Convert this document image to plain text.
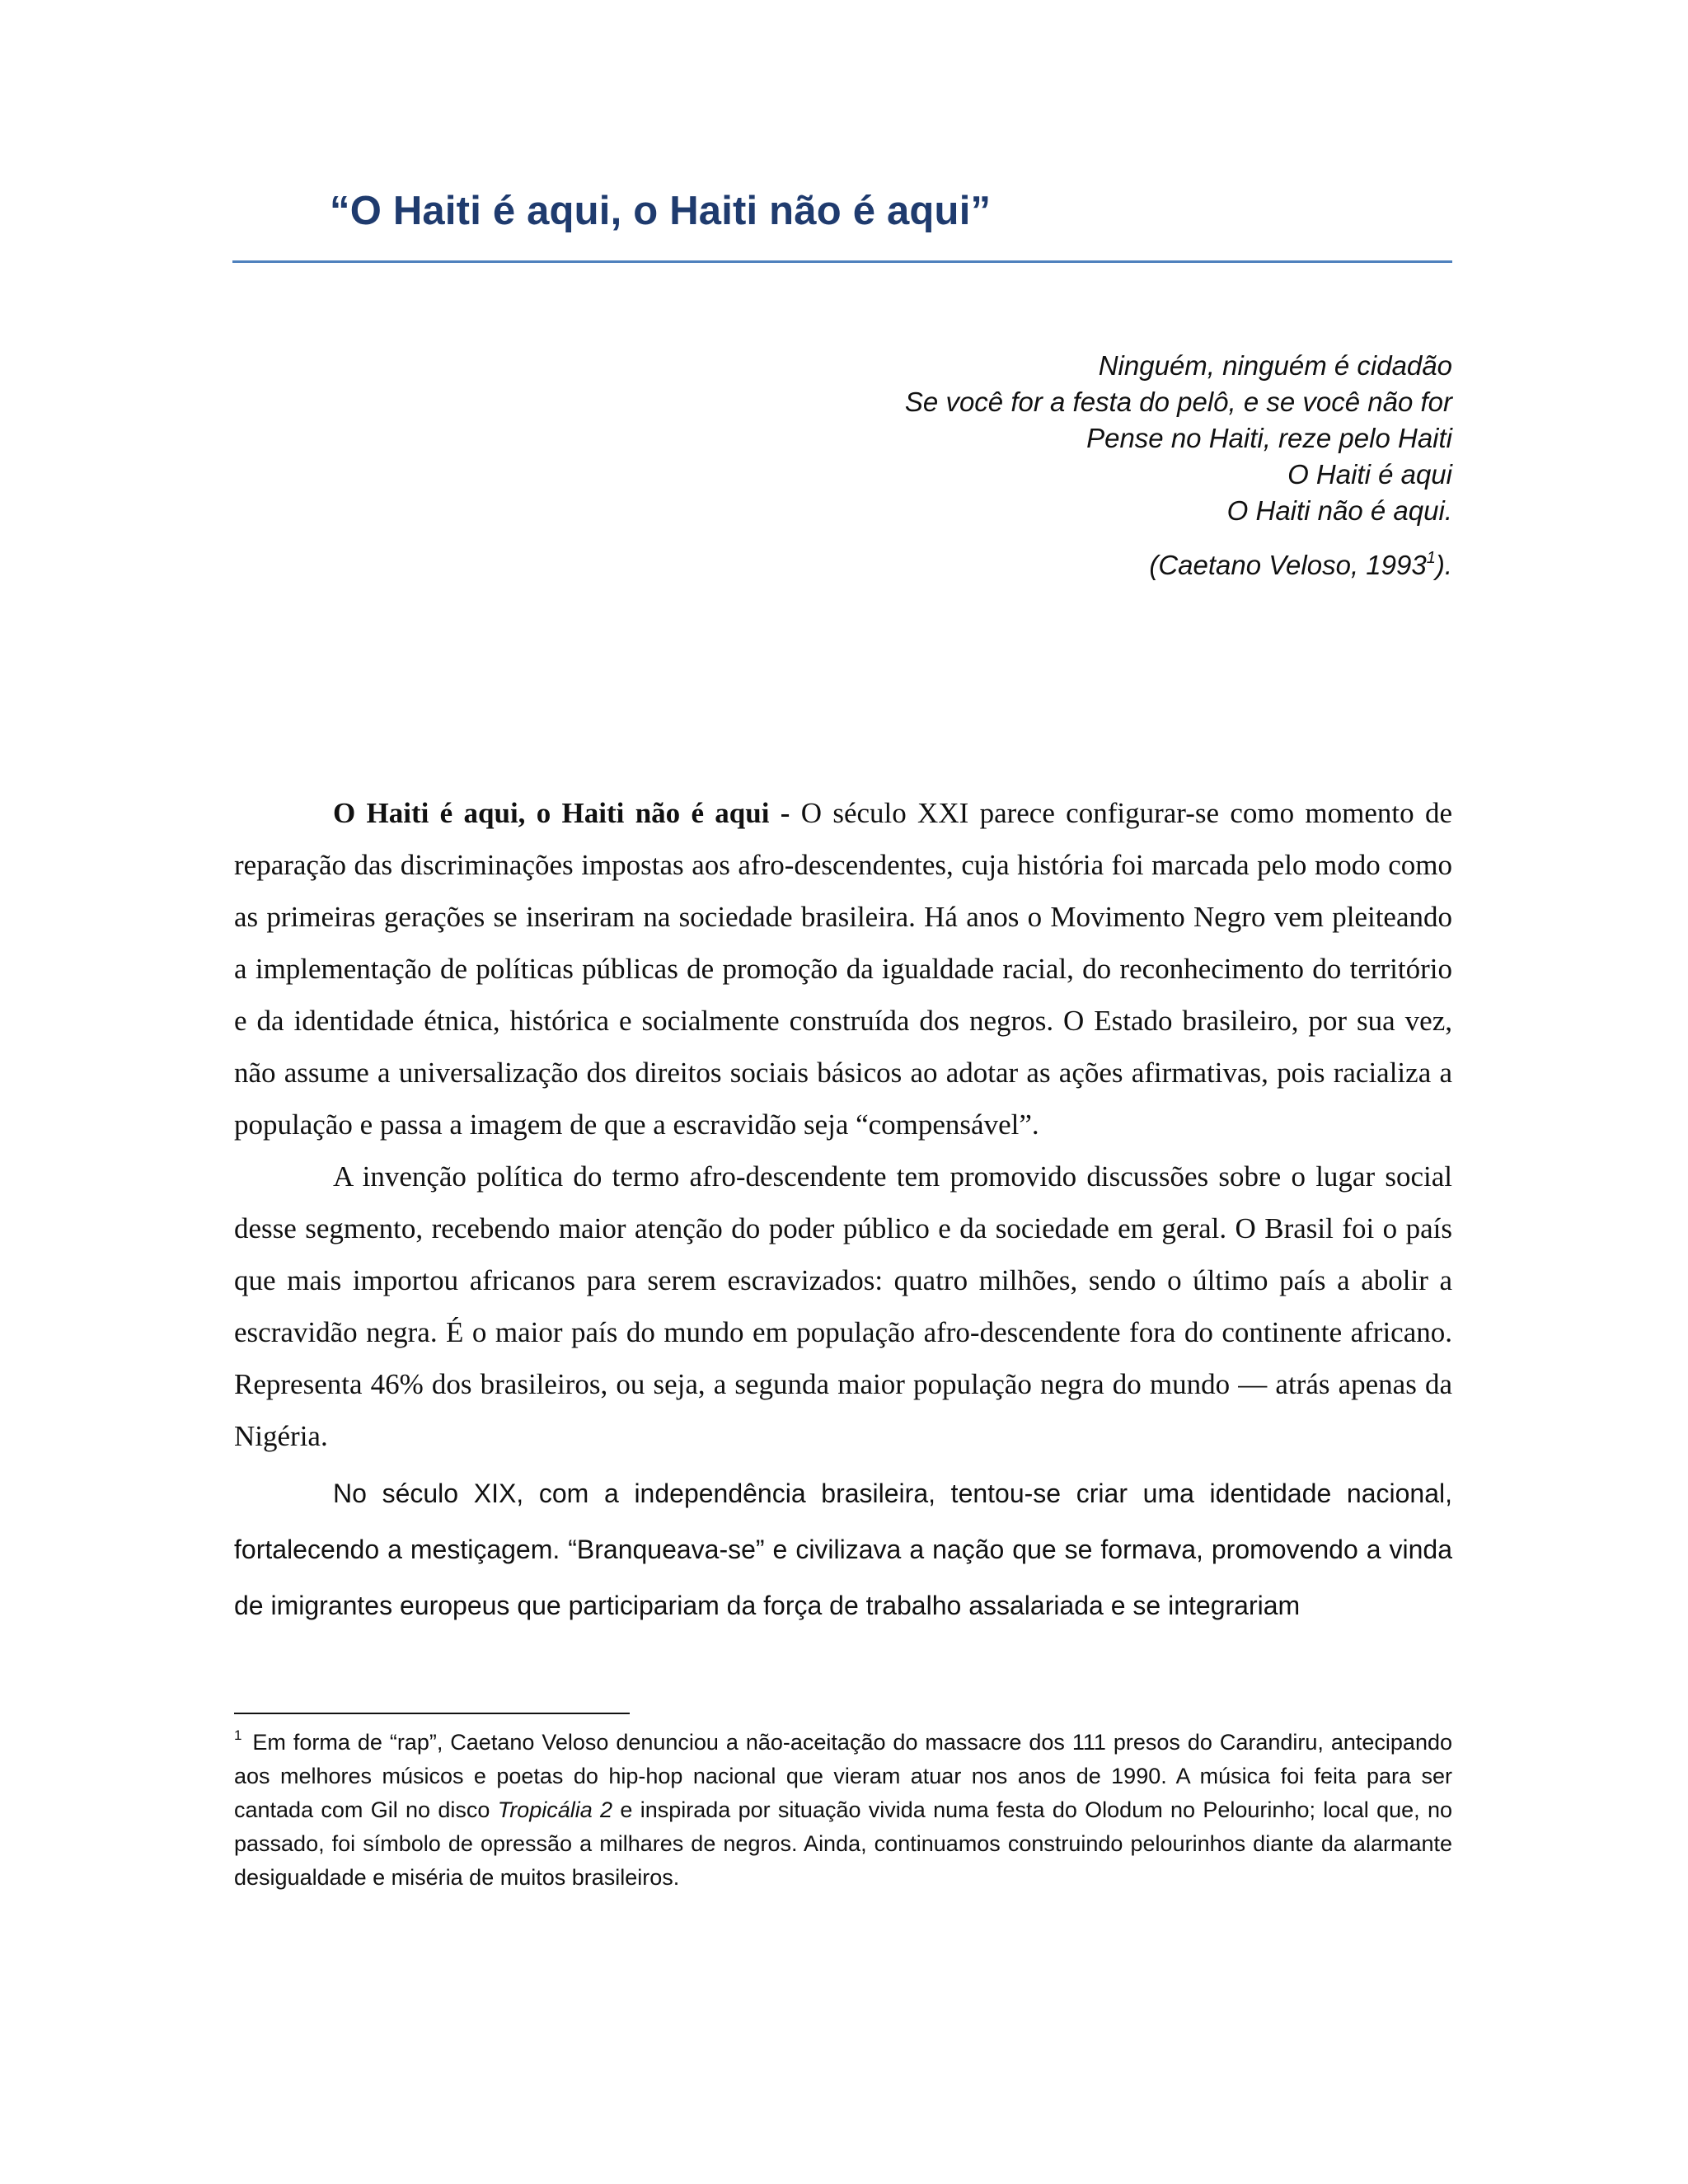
“O Haiti é aqui, o Haiti não é aqui”
Ninguém, ninguém é cidadão
Se você for a festa do pelô, e se você não for
Pense no Haiti, reze pelo Haiti
O Haiti é aqui
O Haiti não é aqui.
(Caetano Veloso, 1993$^1$).

O Haiti é aqui, o Haiti não é aqui - O século XXI parece configurar-se como momento de reparação das discriminações impostas aos afro-descendentes, cuja história foi marcada pelo modo como as primeiras gerações se inseriram na sociedade brasileira. Há anos o Movimento Negro vem pleiteando a implementação de políticas públicas de promoção da igualdade racial, do reconhecimento do território e da identidade étnica, histórica e socialmente construída dos negros. O Estado brasileiro, por sua vez, não assume a universalização dos direitos sociais básicos ao adotar as ações afirmativas, pois racializa a população e passa a imagem de que a escravidão seja “compensável”.

A invenção política do termo afro-descendente tem promovido discussões sobre o lugar social desse segmento, recebendo maior atenção do poder público e da sociedade em geral. O Brasil foi o país que mais importou africanos para serem escravizados: quatro milhões, sendo o último país a abolir a escravidão negra. É o maior país do mundo em população afro-descendente fora do continente africano. Representa 46% dos brasileiros, ou seja, a segunda maior população negra do mundo — atrás apenas da Nigéria.

No século XIX, com a independência brasileira, tentou-se criar uma identidade nacional, fortalecendo a mestiçagem. “Branqueava-se” e civilizava a nação que se formava, promovendo a vinda de imigrantes europeus que participariam da força de trabalho assalariada e se integrariam

$^1$ Em forma de “rap”, Caetano Veloso denunciou a não-aceitação do massacre dos 111 presos do Carandiru, antecipando aos melhores músicos e poetas do hip-hop nacional que vieram atuar nos anos de 1990. A música foi feita para ser cantada com Gil no disco Tropicália 2 e inspirada por situação vivida numa festa do Olodum no Pelourinho; local que, no passado, foi símbolo de opressão a milhares de negros. Ainda, continuamos construindo pelourinhos diante da alarmante desigualdade e miséria de muitos brasileiros.
